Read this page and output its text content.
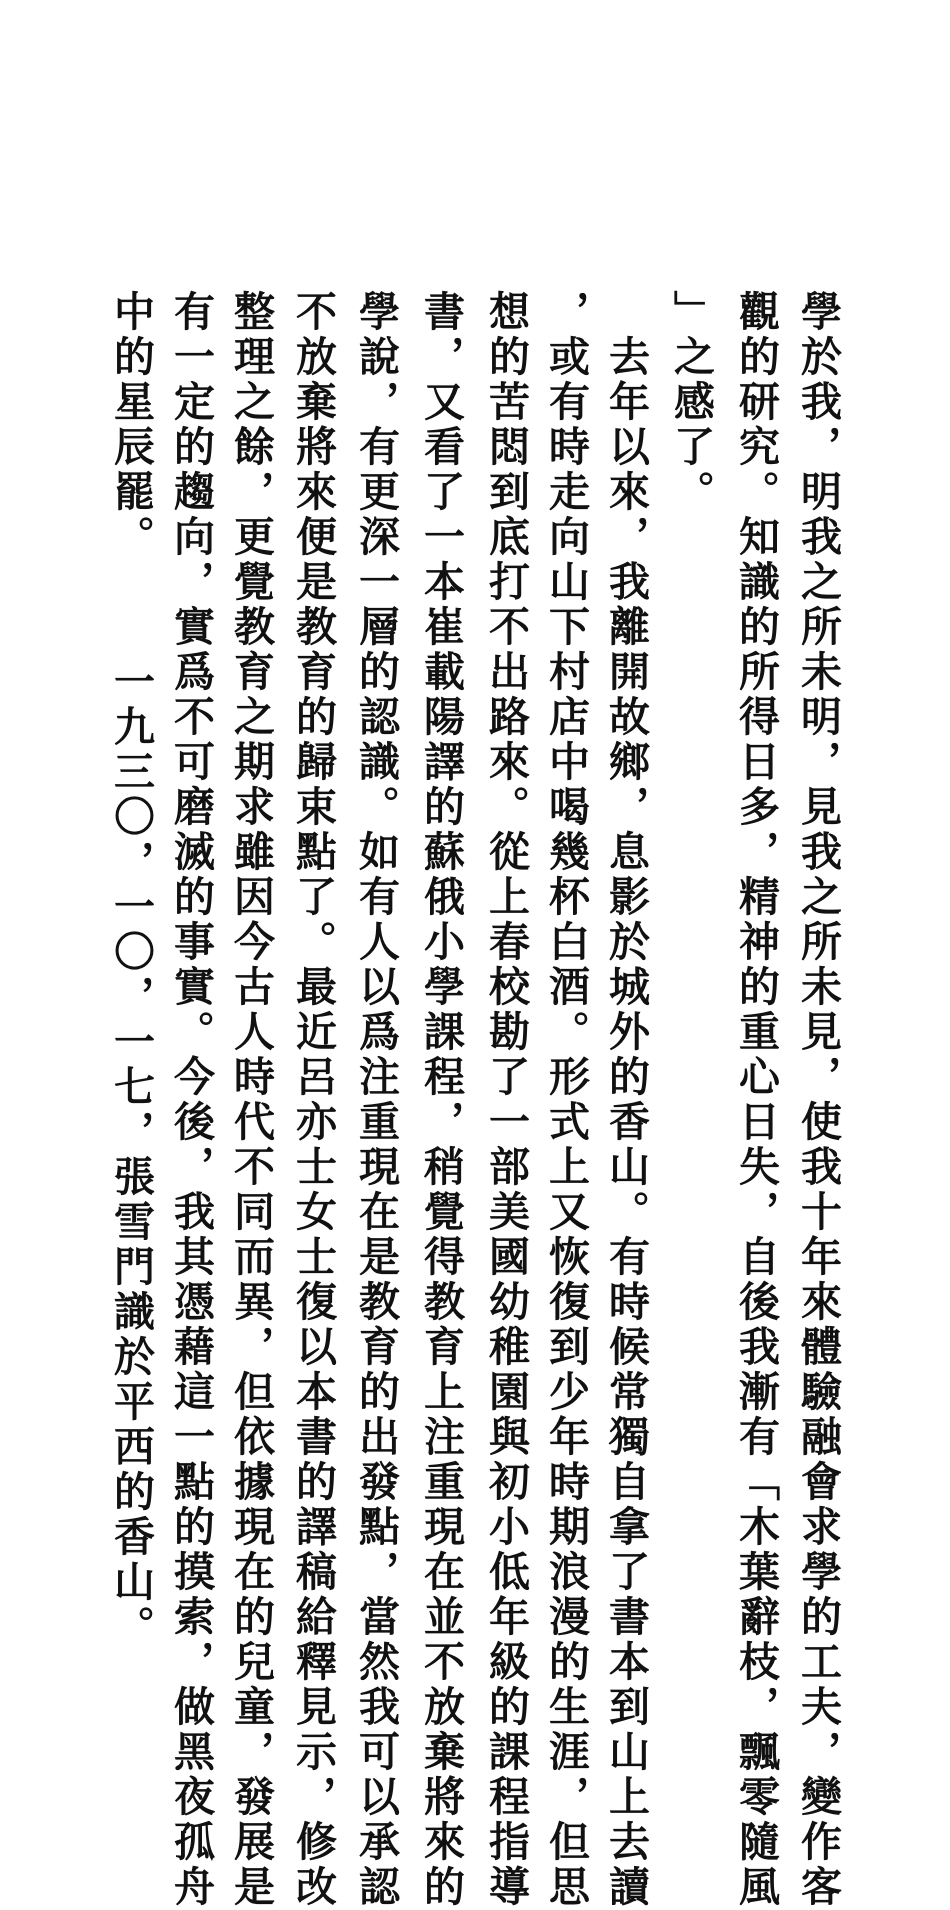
學於我，明我之所未明，見我之所未見，使我十年來體驗融會求學的工夫，變作客
觀的研究。知識的所得日多，精神的重心日失，自後我漸有「木葉辭枝，飄零隨風
」之感了。
去年以來，我離開故鄉，息影於城外的香山。有時候常獨自拿了書本到山上去讀
，或有時走向山下村店中喝幾杯白酒。形式上又恢復到少年時期浪漫的生涯，但思
想的苦悶到底打不出路來。從上春校勘了一部美國幼稚園與初小低年級的課程指導
書，又看了一本崔載陽譯的蘇俄小學課程，稍覺得教育上注重現在並不放棄將來的
學說，有更深一層的認識。如有人以爲注重現在是教育的出發點，當然我可以承認
不放棄將來便是教育的歸束點了。最近呂亦士女士復以本書的譯稿給釋見示，修改
整理之餘，更覺教育之期求雖因今古人時代不同而異，但依據現在的兒童，發展是
有一定的趨向，實爲不可磨滅的事實。今後，我其憑藉這一點的摸索，做黑夜孤舟
中的星辰罷。
一九三〇，一〇，一七，張雪門識於平西的香山。
